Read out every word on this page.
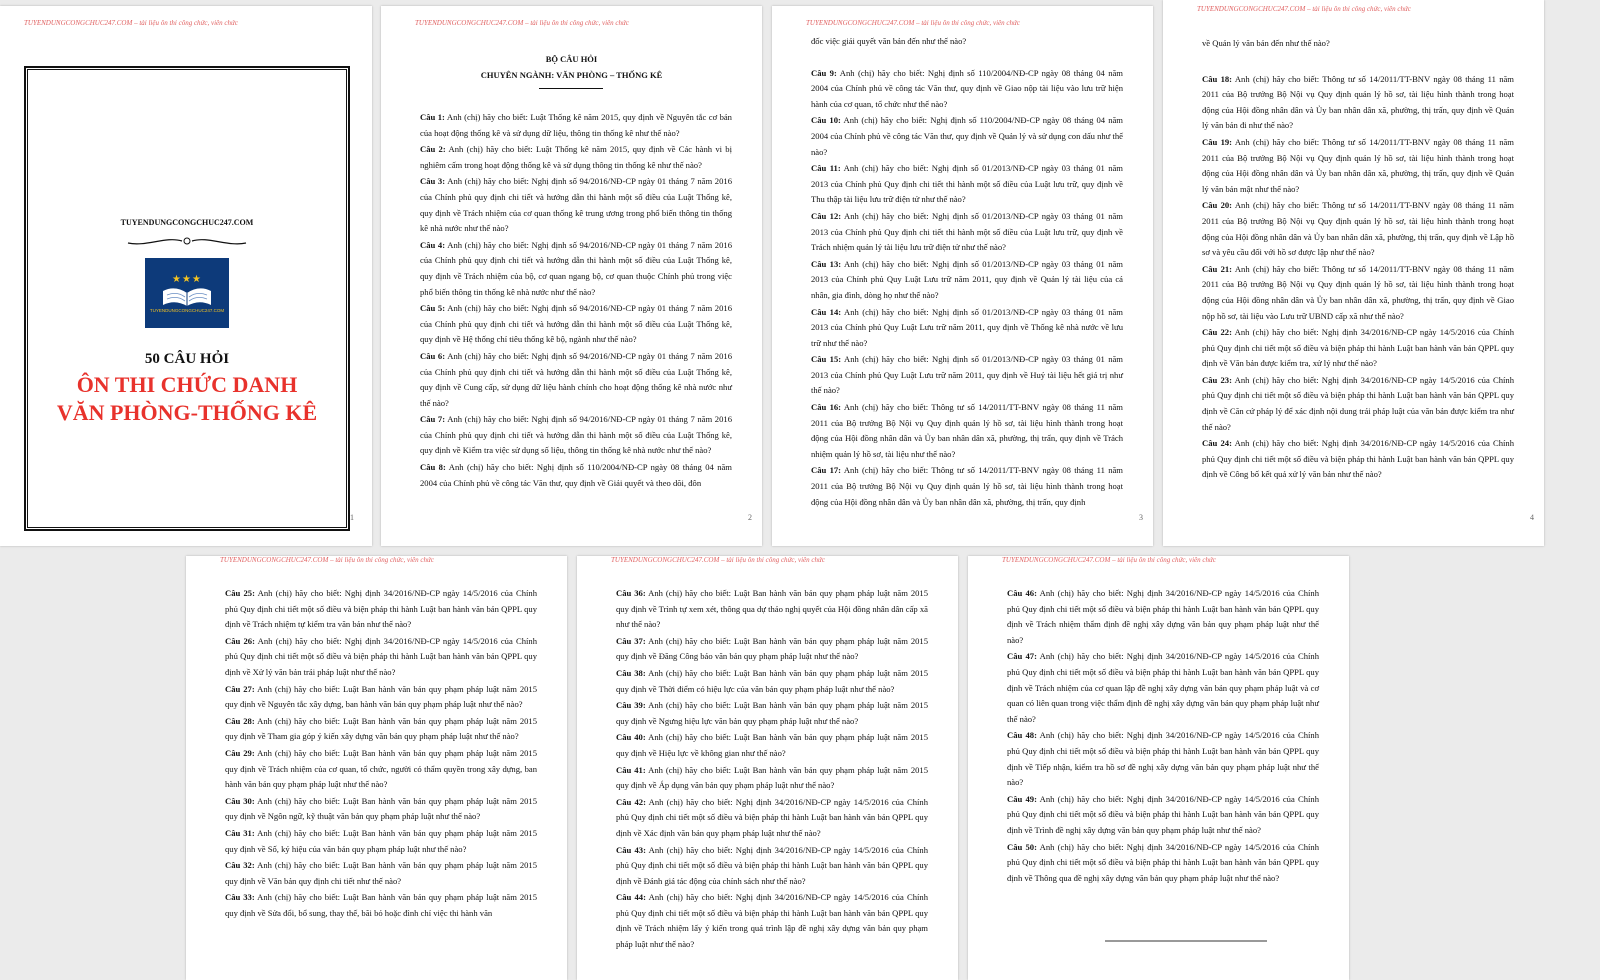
TUYENDUNGCONGCHUC247.COM – tài liệu ôn thi công chức, viên chức
TUYENDUNGCONGCHUC247.COM
★★★
TUYENDUNGCONGCHUC247.COM
50 CÂU HỎI
ÔN THI CHỨC DANH
VĂN PHÒNG-THỐNG KÊ
1
TUYENDUNGCONGCHUC247.COM – tài liệu ôn thi công chức, viên chức
BỘ CÂU HỎI
CHUYÊN NGÀNH: VĂN PHÒNG – THỐNG KÊ
Câu 1: Anh (chị) hãy cho biết: Luật Thống kê năm 2015, quy định về Nguyên tắc cơ bản của hoạt động thống kê và sử dụng dữ liệu, thông tin thống kê như thế nào?
Câu 2: Anh (chị) hãy cho biết: Luật Thống kê năm 2015, quy định về Các hành vi bị nghiêm cấm trong hoạt động thống kê và sử dụng thông tin thống kê như thế nào?
Câu 3: Anh (chị) hãy cho biết: Nghị định số 94/2016/NĐ-CP ngày 01 tháng 7 năm 2016 của Chính phủ quy định chi tiết và hướng dẫn thi hành một số điều của Luật Thống kê, quy định về Trách nhiệm của cơ quan thống kê trung ương trong phổ biến thông tin thống kê nhà nước như thế nào?
Câu 4: Anh (chị) hãy cho biết: Nghị định số 94/2016/NĐ-CP ngày 01 tháng 7 năm 2016 của Chính phủ quy định chi tiết và hướng dẫn thi hành một số điều của Luật Thống kê, quy định về Trách nhiệm của bộ, cơ quan ngang bộ, cơ quan thuộc Chính phủ trong việc phổ biến thông tin thống kê nhà nước như thế nào?
Câu 5: Anh (chị) hãy cho biết: Nghị định số 94/2016/NĐ-CP ngày 01 tháng 7 năm 2016 của Chính phủ quy định chi tiết và hướng dẫn thi hành một số điều của Luật Thống kê, quy định về Hệ thống chỉ tiêu thống kê bộ, ngành như thế nào?
Câu 6: Anh (chị) hãy cho biết: Nghị định số 94/2016/NĐ-CP ngày 01 tháng 7 năm 2016 của Chính phủ quy định chi tiết và hướng dẫn thi hành một số điều của Luật Thống kê, quy định về Cung cấp, sử dụng dữ liệu hành chính cho hoạt động thống kê nhà nước như thế nào?
Câu 7: Anh (chị) hãy cho biết: Nghị định số 94/2016/NĐ-CP ngày 01 tháng 7 năm 2016 của Chính phủ quy định chi tiết và hướng dẫn thi hành một số điều của Luật Thống kê, quy định về Kiểm tra việc sử dụng số liệu, thông tin thống kê nhà nước như thế nào?
Câu 8: Anh (chị) hãy cho biết: Nghị định số 110/2004/NĐ-CP ngày 08 tháng 04 năm 2004 của Chính phủ về công tác Văn thư, quy định về Giải quyết và theo dõi, đôn
2
TUYENDUNGCONGCHUC247.COM – tài liệu ôn thi công chức, viên chức
đốc việc giải quyết văn bản đến như thế nào?
Câu 9: Anh (chị) hãy cho biết: Nghị định số 110/2004/NĐ-CP ngày 08 tháng 04 năm 2004 của Chính phủ về công tác Văn thư, quy định về Giao nộp tài liệu vào lưu trữ hiện hành của cơ quan, tổ chức như thế nào?
Câu 10: Anh (chị) hãy cho biết: Nghị định số 110/2004/NĐ-CP ngày 08 tháng 04 năm 2004 của Chính phủ về công tác Văn thư, quy định về Quản lý và sử dụng con dấu như thế nào?
Câu 11: Anh (chị) hãy cho biết: Nghị định số 01/2013/NĐ-CP ngày 03 tháng 01 năm 2013 của Chính phủ Quy định chi tiết thi hành một số điều của Luật lưu trữ, quy định về Thu thập tài liệu lưu trữ điện tử như thế nào?
Câu 12: Anh (chị) hãy cho biết: Nghị định số 01/2013/NĐ-CP ngày 03 tháng 01 năm 2013 của Chính phủ Quy định chi tiết thi hành một số điều của Luật lưu trữ, quy định về Trách nhiệm quản lý tài liệu lưu trữ điện tử như thế nào?
Câu 13: Anh (chị) hãy cho biết: Nghị định số 01/2013/NĐ-CP ngày 03 tháng 01 năm 2013 của Chính phủ Quy Luật Lưu trữ năm 2011, quy định về Quản lý tài liệu của cá nhân, gia đình, dòng họ như thế nào?
Câu 14: Anh (chị) hãy cho biết: Nghị định số 01/2013/NĐ-CP ngày 03 tháng 01 năm 2013 của Chính phủ Quy Luật Lưu trữ năm 2011, quy định về Thống kê nhà nước về lưu trữ như thế nào?
Câu 15: Anh (chị) hãy cho biết: Nghị định số 01/2013/NĐ-CP ngày 03 tháng 01 năm 2013 của Chính phủ Quy Luật Lưu trữ năm 2011, quy định về Huỷ tài liệu hết giá trị như thế nào?
Câu 16: Anh (chị) hãy cho biết: Thông tư số 14/2011/TT-BNV ngày 08 tháng 11 năm 2011 của Bộ trưởng Bộ Nội vụ Quy định quản lý hồ sơ, tài liệu hình thành trong hoạt động của Hội đồng nhân dân và Ủy ban nhân dân xã, phường, thị trấn, quy định về Trách nhiệm quản lý hồ sơ, tài liệu như thế nào?
Câu 17: Anh (chị) hãy cho biết: Thông tư số 14/2011/TT-BNV ngày 08 tháng 11 năm 2011 của Bộ trưởng Bộ Nội vụ Quy định quản lý hồ sơ, tài liệu hình thành trong hoạt động của Hội đồng nhân dân và Ủy ban nhân dân xã, phường, thị trấn, quy định
3
TUYENDUNGCONGCHUC247.COM – tài liệu ôn thi công chức, viên chức
về Quản lý văn bản đến như thế nào?
Câu 18: Anh (chị) hãy cho biết: Thông tư số 14/2011/TT-BNV ngày 08 tháng 11 năm 2011 của Bộ trưởng Bộ Nội vụ Quy định quản lý hồ sơ, tài liệu hình thành trong hoạt động của Hội đồng nhân dân và Ủy ban nhân dân xã, phường, thị trấn, quy định về Quản lý văn bản đi như thế nào?
Câu 19: Anh (chị) hãy cho biết: Thông tư số 14/2011/TT-BNV ngày 08 tháng 11 năm 2011 của Bộ trưởng Bộ Nội vụ Quy định quản lý hồ sơ, tài liệu hình thành trong hoạt động của Hội đồng nhân dân và Ủy ban nhân dân xã, phường, thị trấn, quy định về Quản lý văn bản mật như thế nào?
Câu 20: Anh (chị) hãy cho biết: Thông tư số 14/2011/TT-BNV ngày 08 tháng 11 năm 2011 của Bộ trưởng Bộ Nội vụ Quy định quản lý hồ sơ, tài liệu hình thành trong hoạt động của Hội đồng nhân dân và Ủy ban nhân dân xã, phường, thị trấn, quy định về Lập hồ sơ và yêu cầu đối với hồ sơ được lập như thế nào?
Câu 21: Anh (chị) hãy cho biết: Thông tư số 14/2011/TT-BNV ngày 08 tháng 11 năm 2011 của Bộ trưởng Bộ Nội vụ Quy định quản lý hồ sơ, tài liệu hình thành trong hoạt động của Hội đồng nhân dân và Ủy ban nhân dân xã, phường, thị trấn, quy định về Giao nộp hồ sơ, tài liệu vào Lưu trữ UBND cấp xã như thế nào?
Câu 22: Anh (chị) hãy cho biết: Nghị định 34/2016/NĐ-CP ngày 14/5/2016 của Chính phủ Quy định chi tiết một số điều và biện pháp thi hành Luật ban hành văn bản QPPL quy định về Văn bản được kiểm tra, xử lý như thế nào?
Câu 23: Anh (chị) hãy cho biết: Nghị định 34/2016/NĐ-CP ngày 14/5/2016 của Chính phủ Quy định chi tiết một số điều và biện pháp thi hành Luật ban hành văn bản QPPL quy định về Căn cứ pháp lý để xác định nội dung trái pháp luật của văn bản được kiểm tra như thế nào?
Câu 24: Anh (chị) hãy cho biết: Nghị định 34/2016/NĐ-CP ngày 14/5/2016 của Chính phủ Quy định chi tiết một số điều và biện pháp thi hành Luật ban hành văn bản QPPL quy định về Công bố kết quả xử lý văn bản như thế nào?
4
TUYENDUNGCONGCHUC247.COM – tài liệu ôn thi công chức, viên chức
Câu 25: Anh (chị) hãy cho biết: Nghị định 34/2016/NĐ-CP ngày 14/5/2016 của Chính phủ Quy định chi tiết một số điều và biện pháp thi hành Luật ban hành văn bản QPPL quy định về Trách nhiệm tự kiểm tra văn bản như thế nào?
Câu 26: Anh (chị) hãy cho biết: Nghị định 34/2016/NĐ-CP ngày 14/5/2016 của Chính phủ Quy định chi tiết một số điều và biện pháp thi hành Luật ban hành văn bản QPPL quy định về Xử lý văn bản trái pháp luật như thế nào?
Câu 27: Anh (chị) hãy cho biết: Luật Ban hành văn bản quy phạm pháp luật năm 2015 quy định về Nguyên tắc xây dựng, ban hành văn bản quy phạm pháp luật như thế nào?
Câu 28: Anh (chị) hãy cho biết: Luật Ban hành văn bản quy phạm pháp luật năm 2015 quy định về Tham gia góp ý kiến xây dựng văn bản quy phạm pháp luật như thế nào?
Câu 29: Anh (chị) hãy cho biết: Luật Ban hành văn bản quy phạm pháp luật năm 2015 quy định về Trách nhiệm của cơ quan, tổ chức, người có thẩm quyền trong xây dựng, ban hành văn bản quy phạm pháp luật như thế nào?
Câu 30: Anh (chị) hãy cho biết: Luật Ban hành văn bản quy phạm pháp luật năm 2015 quy định về Ngôn ngữ, kỹ thuật văn bản quy phạm pháp luật như thế nào?
Câu 31: Anh (chị) hãy cho biết: Luật Ban hành văn bản quy phạm pháp luật năm 2015 quy định về Số, ký hiệu của văn bản quy phạm pháp luật như thế nào?
Câu 32: Anh (chị) hãy cho biết: Luật Ban hành văn bản quy phạm pháp luật năm 2015 quy định về Văn bản quy định chi tiết như thế nào?
Câu 33: Anh (chị) hãy cho biết: Luật Ban hành văn bản quy phạm pháp luật năm 2015 quy định về Sửa đổi, bổ sung, thay thế, bãi bỏ hoặc đình chỉ việc thi hành văn
TUYENDUNGCONGCHUC247.COM – tài liệu ôn thi công chức, viên chức
Câu 36: Anh (chị) hãy cho biết: Luật Ban hành văn bản quy phạm pháp luật năm 2015 quy định về Trình tự xem xét, thông qua dự thảo nghị quyết của Hội đồng nhân dân cấp xã như thế nào?
Câu 37: Anh (chị) hãy cho biết: Luật Ban hành văn bản quy phạm pháp luật năm 2015 quy định về Đăng Công báo văn bản quy phạm pháp luật như thế nào?
Câu 38: Anh (chị) hãy cho biết: Luật Ban hành văn bản quy phạm pháp luật năm 2015 quy định về Thời điểm có hiệu lực của văn bản quy phạm pháp luật như thế nào?
Câu 39: Anh (chị) hãy cho biết: Luật Ban hành văn bản quy phạm pháp luật năm 2015 quy định về Ngưng hiệu lực văn bản quy phạm pháp luật như thế nào?
Câu 40: Anh (chị) hãy cho biết: Luật Ban hành văn bản quy phạm pháp luật năm 2015 quy định về Hiệu lực về không gian như thế nào?
Câu 41: Anh (chị) hãy cho biết: Luật Ban hành văn bản quy phạm pháp luật năm 2015 quy định về Áp dụng văn bản quy phạm pháp luật như thế nào?
Câu 42: Anh (chị) hãy cho biết: Nghị định 34/2016/NĐ-CP ngày 14/5/2016 của Chính phủ Quy định chi tiết một số điều và biện pháp thi hành Luật ban hành văn bản QPPL quy định về Xác định văn bản quy phạm pháp luật như thế nào?
Câu 43: Anh (chị) hãy cho biết: Nghị định 34/2016/NĐ-CP ngày 14/5/2016 của Chính phủ Quy định chi tiết một số điều và biện pháp thi hành Luật ban hành văn bản QPPL quy định về Đánh giá tác động của chính sách như thế nào?
Câu 44: Anh (chị) hãy cho biết: Nghị định 34/2016/NĐ-CP ngày 14/5/2016 của Chính phủ Quy định chi tiết một số điều và biện pháp thi hành Luật ban hành văn bản QPPL quy định về Trách nhiệm lấy ý kiến trong quá trình lập đề nghị xây dựng văn bản quy phạm pháp luật như thế nào?
TUYENDUNGCONGCHUC247.COM – tài liệu ôn thi công chức, viên chức
Câu 46: Anh (chị) hãy cho biết: Nghị định 34/2016/NĐ-CP ngày 14/5/2016 của Chính phủ Quy định chi tiết một số điều và biện pháp thi hành Luật ban hành văn bản QPPL quy định về Trách nhiệm thẩm định đề nghị xây dựng văn bản quy phạm pháp luật như thế nào?
Câu 47: Anh (chị) hãy cho biết: Nghị định 34/2016/NĐ-CP ngày 14/5/2016 của Chính phủ Quy định chi tiết một số điều và biện pháp thi hành Luật ban hành văn bản QPPL quy định về Trách nhiệm của cơ quan lập đề nghị xây dựng văn bản quy phạm pháp luật và cơ quan có liên quan trong việc thẩm định đề nghị xây dựng văn bản quy phạm pháp luật như thế nào?
Câu 48: Anh (chị) hãy cho biết: Nghị định 34/2016/NĐ-CP ngày 14/5/2016 của Chính phủ Quy định chi tiết một số điều và biện pháp thi hành Luật ban hành văn bản QPPL quy định về Tiếp nhận, kiểm tra hồ sơ đề nghị xây dựng văn bản quy phạm pháp luật như thế nào?
Câu 49: Anh (chị) hãy cho biết: Nghị định 34/2016/NĐ-CP ngày 14/5/2016 của Chính phủ Quy định chi tiết một số điều và biện pháp thi hành Luật ban hành văn bản QPPL quy định về Trình đề nghị xây dựng văn bản quy phạm pháp luật như thế nào?
Câu 50: Anh (chị) hãy cho biết: Nghị định 34/2016/NĐ-CP ngày 14/5/2016 của Chính phủ Quy định chi tiết một số điều và biện pháp thi hành Luật ban hành văn bản QPPL quy định về Thông qua đề nghị xây dựng văn bản quy phạm pháp luật như thế nào?
